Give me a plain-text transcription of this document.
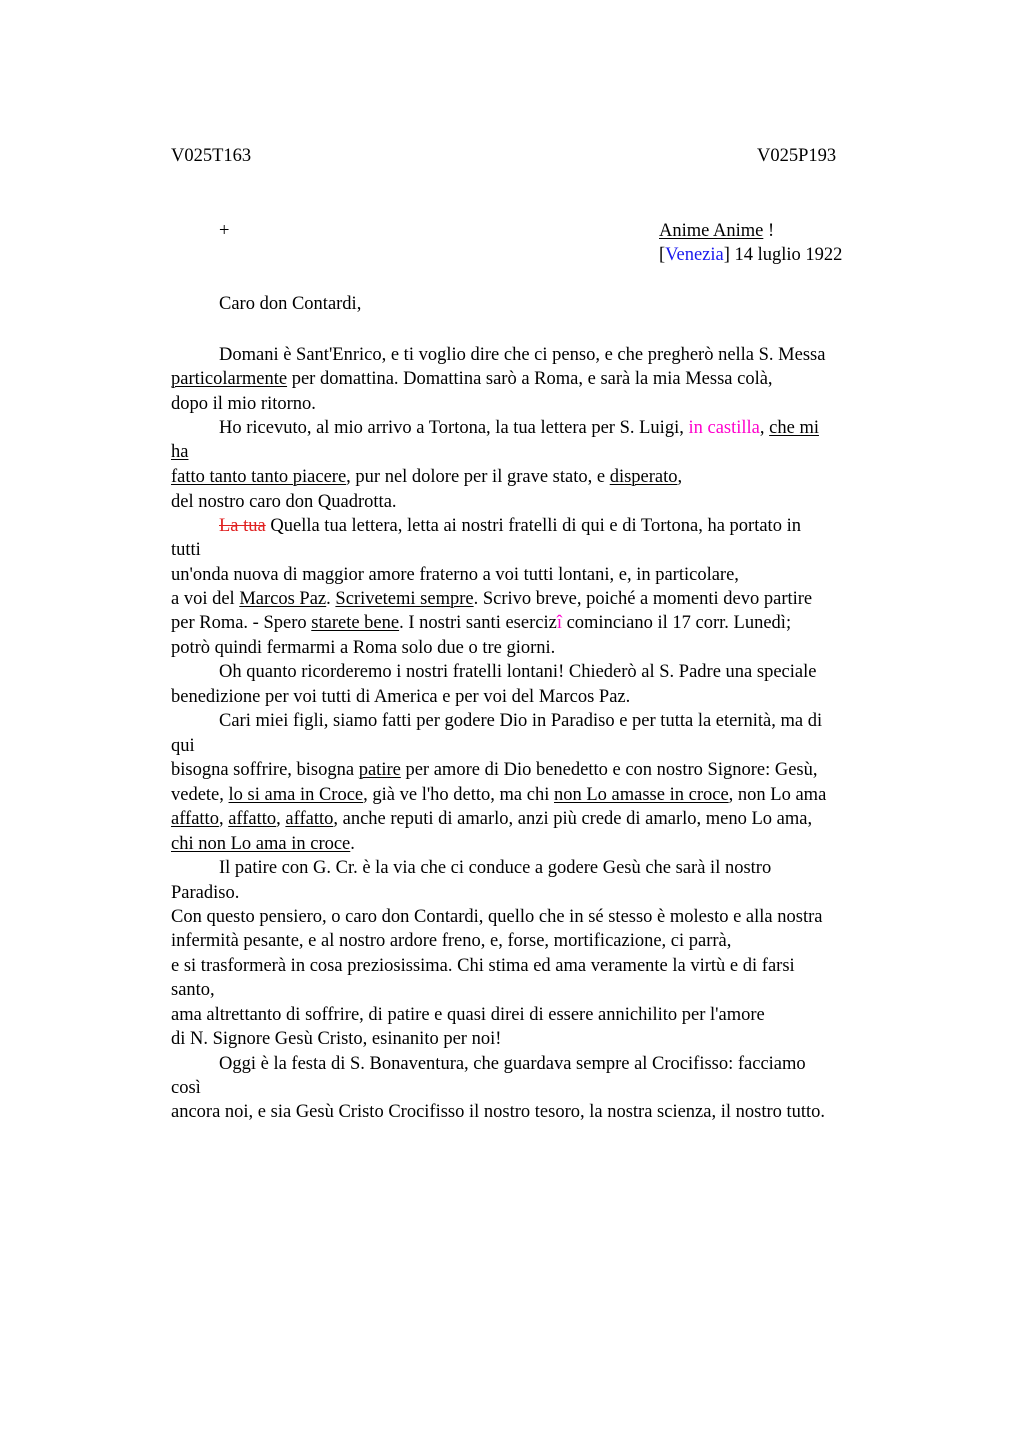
V025T163	V025P193
+	Anime Anime !
[Venezia] 14 luglio 1922
Caro don Contardi,
Domani è Sant'Enrico, e ti voglio dire che ci penso, e che pregherò nella S. Messa
particolarmente per domattina. Domattina sarò a Roma, e sarà la mia Messa colà,
dopo il mio ritorno.
Ho ricevuto, al mio arrivo a Tortona, la tua lettera per S. Luigi, in castilla, che mi
ha
fatto tanto tanto piacere, pur nel dolore per il grave stato, e disperato,
del nostro caro don Quadrotta.
La tua Quella tua lettera, letta ai nostri fratelli di qui e di Tortona, ha portato in
tutti
un'onda nuova di maggior amore fraterno a voi tutti lontani, e, in particolare,
a voi del Marcos Paz. Scrivetemi sempre. Scrivo breve, poiché a momenti devo partire
per Roma. - Spero starete bene. I nostri santi esercizî cominciano il 17 corr. Lunedì;
potrò quindi fermarmi a Roma solo due o tre giorni.
Oh quanto ricorderemo i nostri fratelli lontani! Chiederò al S. Padre una speciale
benedizione per voi tutti di America e per voi del Marcos Paz.
Cari miei figli, siamo fatti per godere Dio in Paradiso e per tutta la eternità, ma di
qui
bisogna soffrire, bisogna patire per amore di Dio benedetto e con nostro Signore: Gesù,
vedete, lo si ama in Croce, già ve l'ho detto, ma chi non Lo amasse in croce, non Lo ama
affatto, affatto, affatto, anche reputi di amarlo, anzi più crede di amarlo, meno Lo ama,
chi non Lo ama in croce.
Il patire con G. Cr. è la via che ci conduce a godere Gesù che sarà il nostro
Paradiso.
Con questo pensiero, o caro don Contardi, quello che in sé stesso è molesto e alla nostra
infermità pesante, e al nostro ardore freno, e, forse, mortificazione, ci parrà,
e si trasformerà in cosa preziosissima. Chi stima ed ama veramente la virtù e di farsi
santo,
ama altrettanto di soffrire, di patire e quasi direi di essere annichilito per l'amore
di N. Signore Gesù Cristo, esinanito per noi!
Oggi è la festa di S. Bonaventura, che guardava sempre al Crocifisso: facciamo
così
ancora noi, e sia Gesù Cristo Crocifisso il nostro tesoro, la nostra scienza, il nostro tutto.
